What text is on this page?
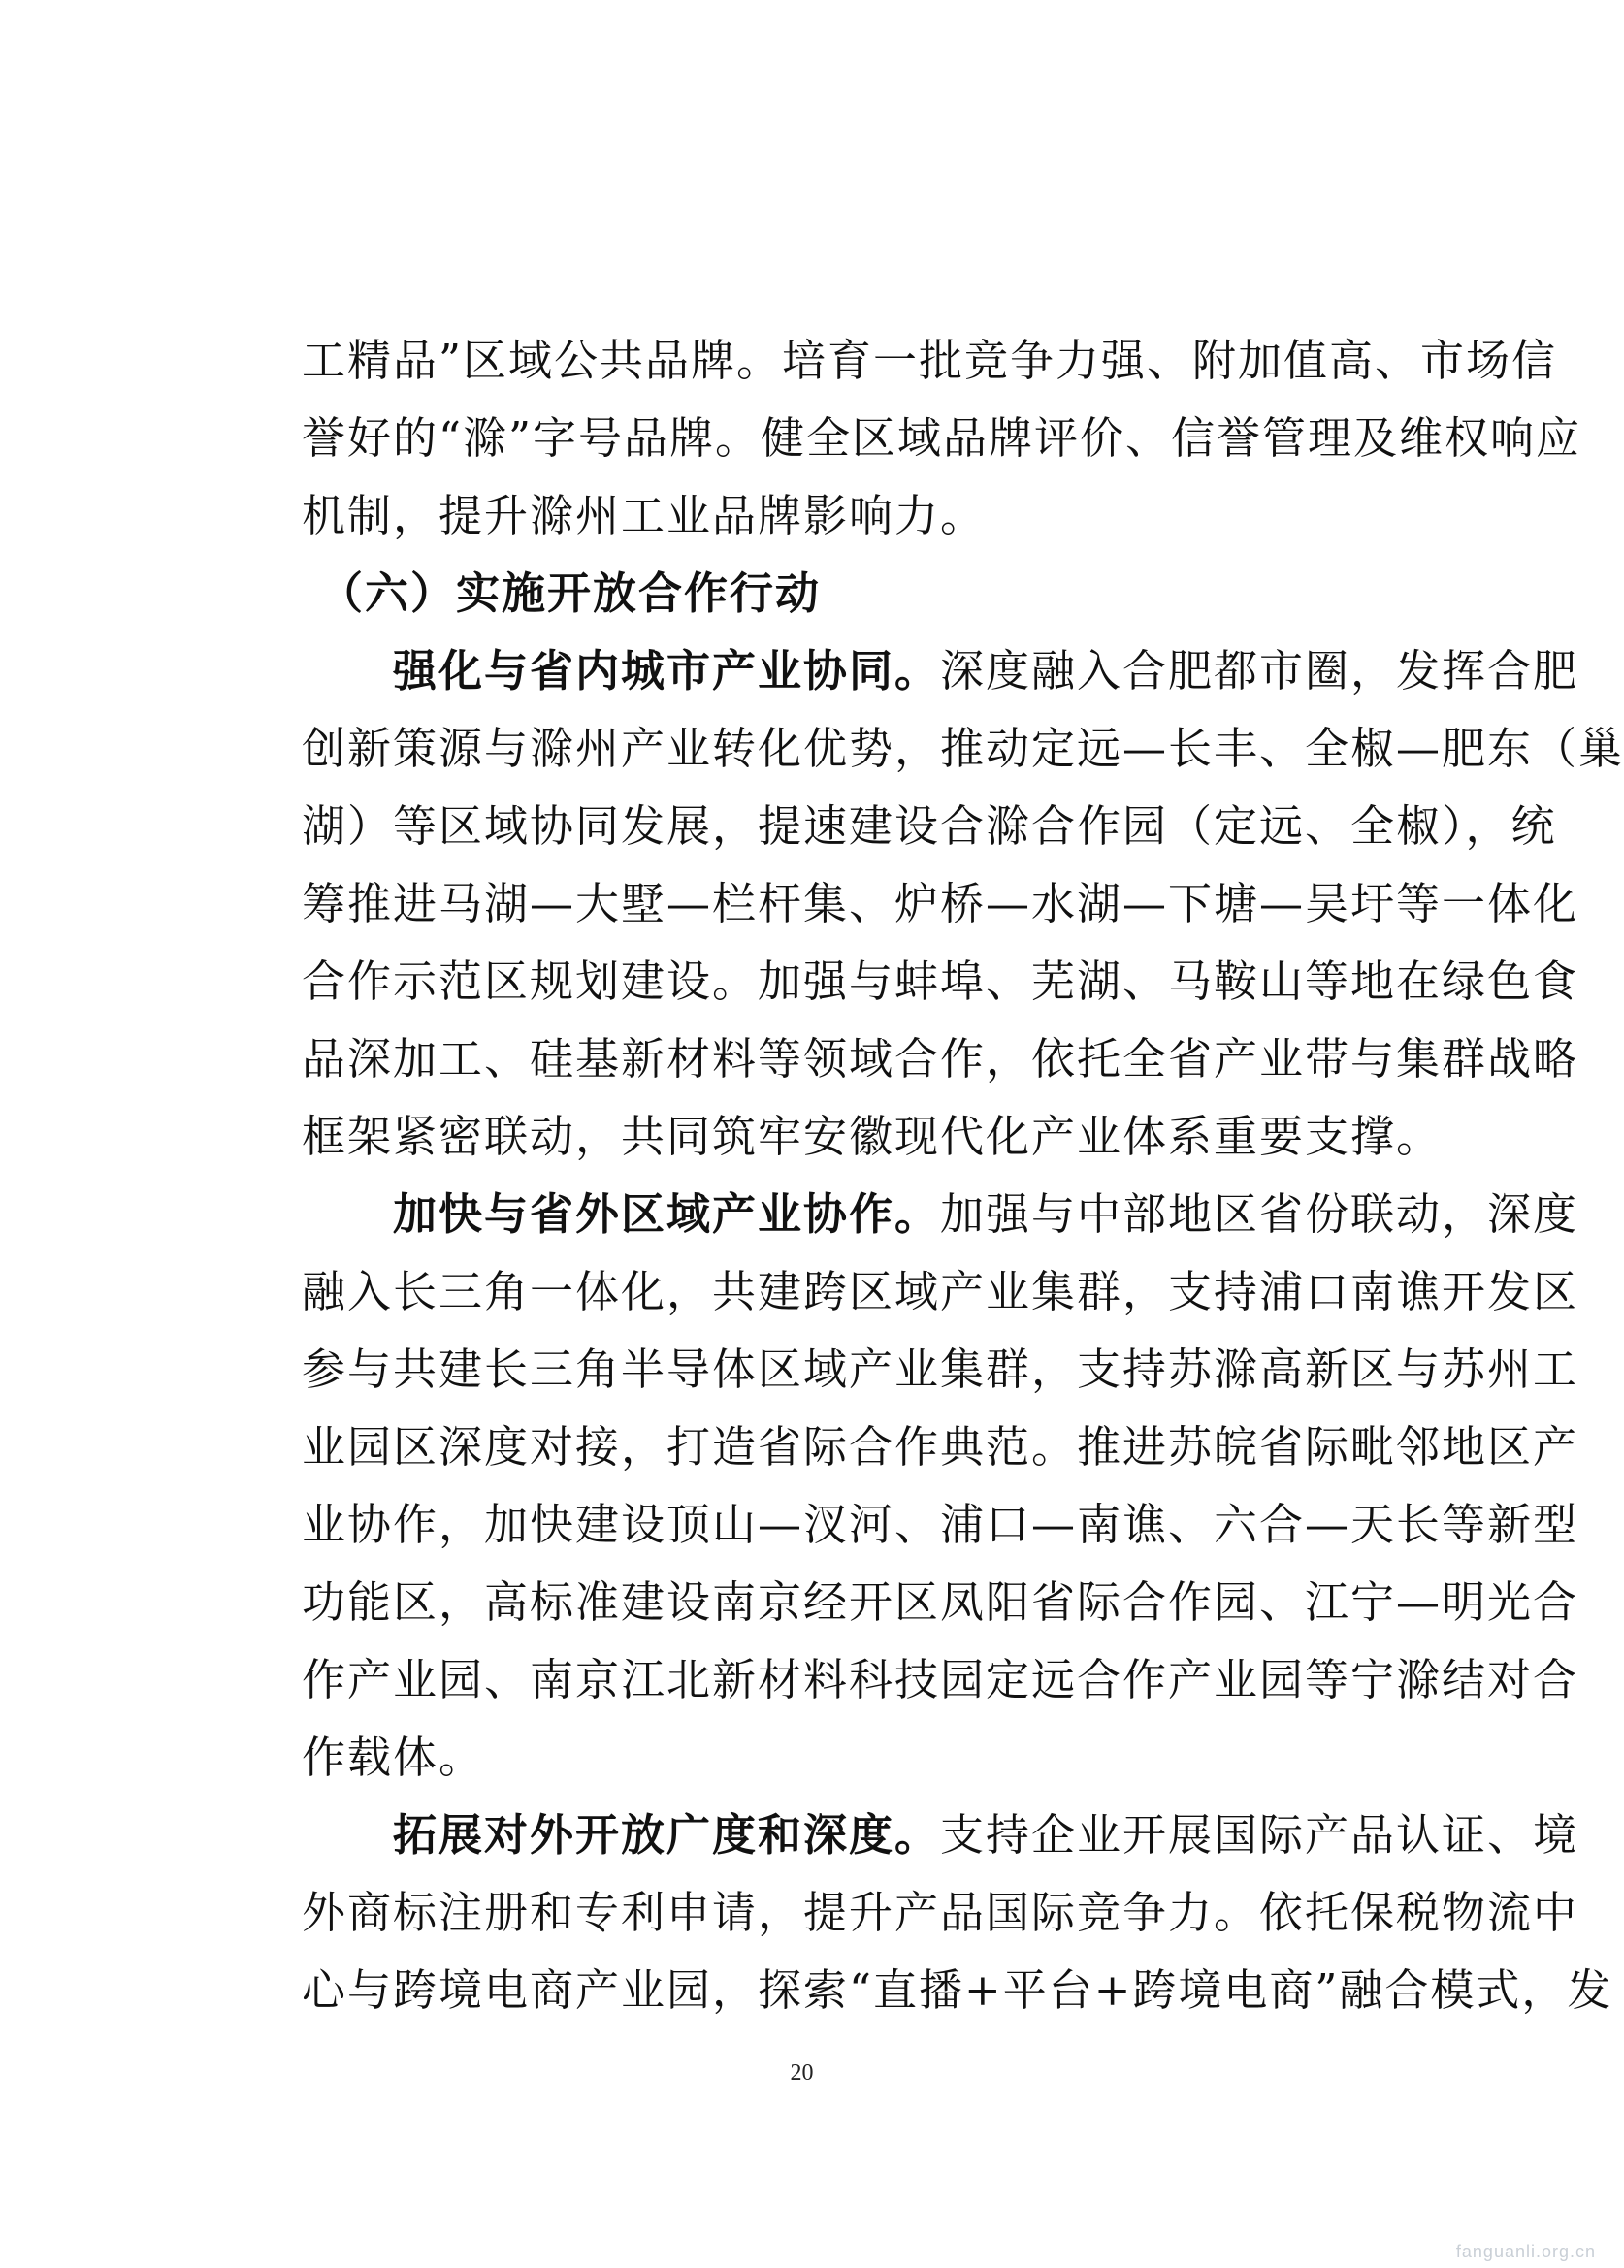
工精品”区域公共品牌。培育一批竞争力强、附加值高、市场信
誉好的“滁”字号品牌。健全区域品牌评价、信誉管理及维权响应
机制，提升滁州工业品牌影响力。
（六）实施开放合作行动
强化与省内城市产业协同。深度融入合肥都市圈，发挥合肥
创新策源与滁州产业转化优势，推动定远—长丰、全椒—肥东（巢
湖）等区域协同发展，提速建设合滁合作园（定远、全椒），统
筹推进马湖—大墅—栏杆集、炉桥—水湖—下塘—吴圩等一体化
合作示范区规划建设。加强与蚌埠、芜湖、马鞍山等地在绿色食
品深加工、硅基新材料等领域合作，依托全省产业带与集群战略
框架紧密联动，共同筑牢安徽现代化产业体系重要支撑。
加快与省外区域产业协作。加强与中部地区省份联动，深度
融入长三角一体化，共建跨区域产业集群，支持浦口南谯开发区
参与共建长三角半导体区域产业集群，支持苏滁高新区与苏州工
业园区深度对接，打造省际合作典范。推进苏皖省际毗邻地区产
业协作，加快建设顶山—汊河、浦口—南谯、六合—天长等新型
功能区，高标准建设南京经开区凤阳省际合作园、江宁—明光合
作产业园、南京江北新材料科技园定远合作产业园等宁滁结对合
作载体。
拓展对外开放广度和深度。支持企业开展国际产品认证、境
外商标注册和专利申请，提升产品国际竞争力。依托保税物流中
心与跨境电商产业园，探索“直播+平台+跨境电商”融合模式，发
20
fanguanli.org.cn
